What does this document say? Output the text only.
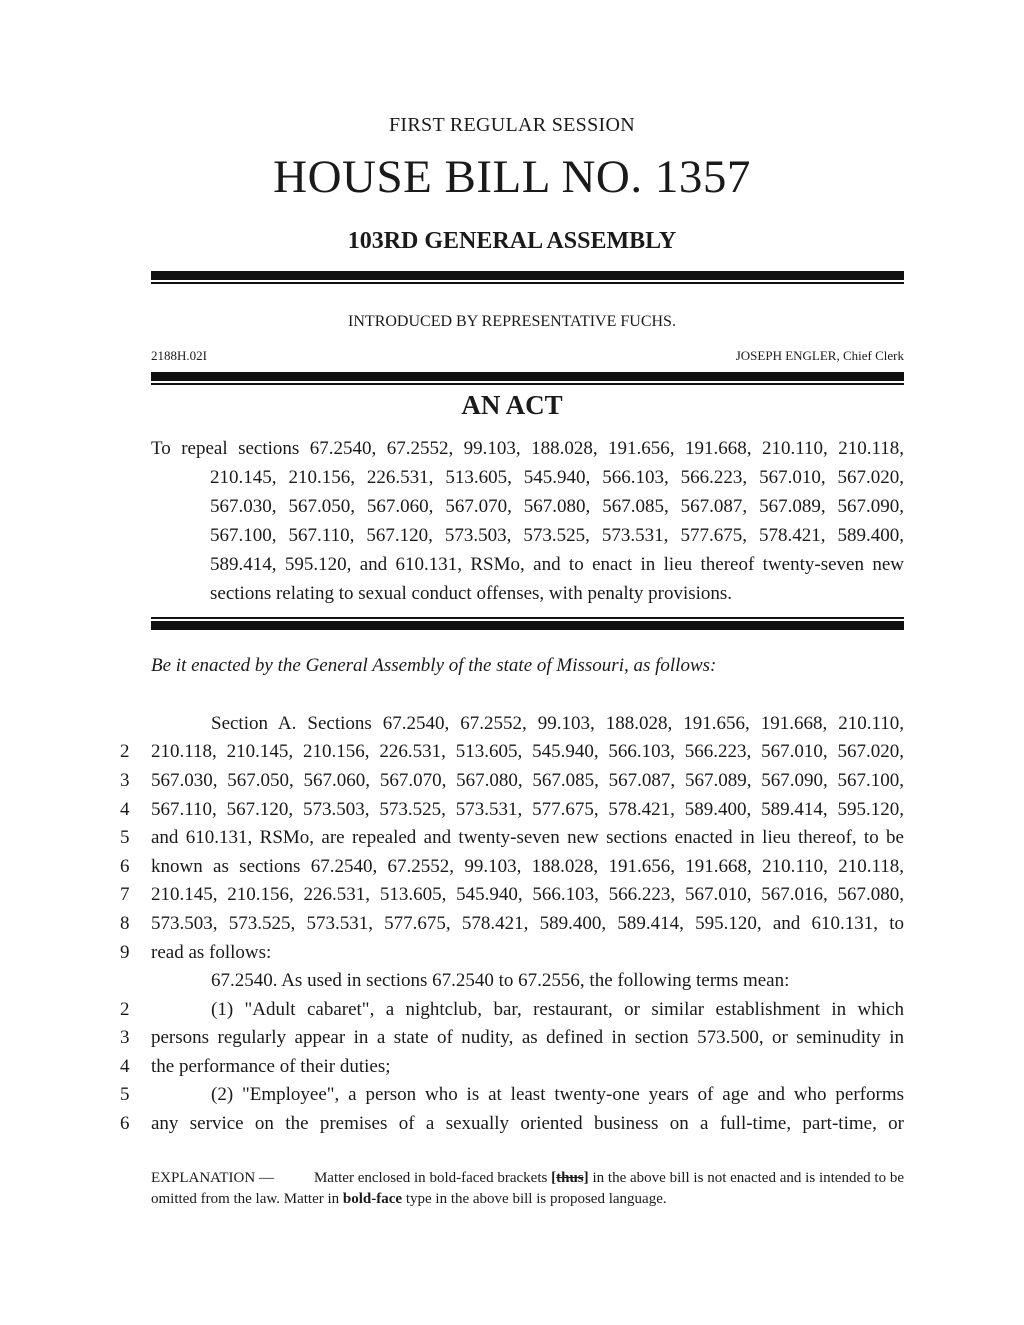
FIRST REGULAR SESSION
HOUSE BILL NO. 1357
103RD GENERAL ASSEMBLY
INTRODUCED BY REPRESENTATIVE FUCHS.
2188H.02I	JOSEPH ENGLER, Chief Clerk
AN ACT

To repeal sections 67.2540, 67.2552, 99.103, 188.028, 191.656, 191.668, 210.110, 210.118, 210.145, 210.156, 226.531, 513.605, 545.940, 566.103, 566.223, 567.010, 567.020, 567.030, 567.050, 567.060, 567.070, 567.080, 567.085, 567.087, 567.089, 567.090, 567.100, 567.110, 567.120, 573.503, 573.525, 573.531, 577.675, 578.421, 589.400, 589.414, 595.120, and 610.131, RSMo, and to enact in lieu thereof twenty-seven new sections relating to sexual conduct offenses, with penalty provisions.

Be it enacted by the General Assembly of the state of Missouri, as follows:
Section A. Sections 67.2540, 67.2552, 99.103, 188.028, 191.656, 191.668, 210.110,
2	210.118, 210.145, 210.156, 226.531, 513.605, 545.940, 566.103, 566.223, 567.010, 567.020,
3	567.030, 567.050, 567.060, 567.070, 567.080, 567.085, 567.087, 567.089, 567.090, 567.100,
4	567.110, 567.120, 573.503, 573.525, 573.531, 577.675, 578.421, 589.400, 589.414, 595.120,
5	and 610.131, RSMo, are repealed and twenty-seven new sections enacted in lieu thereof, to be
6	known as sections 67.2540, 67.2552, 99.103, 188.028, 191.656, 191.668, 210.110, 210.118,
7	210.145, 210.156, 226.531, 513.605, 545.940, 566.103, 566.223, 567.010, 567.016, 567.080,
8	573.503, 573.525, 573.531, 577.675, 578.421, 589.400, 589.414, 595.120, and 610.131, to
9	read as follows:
67.2540. As used in sections 67.2540 to 67.2556, the following terms mean:
2	(1) "Adult cabaret", a nightclub, bar, restaurant, or similar establishment in which
3	persons regularly appear in a state of nudity, as defined in section 573.500, or seminudity in
4	the performance of their duties;
5	(2) "Employee", a person who is at least twenty-one years of age and who performs
6	any service on the premises of a sexually oriented business on a full-time, part-time, or
EXPLANATION —	Matter enclosed in bold-faced brackets [thus] in the above bill is not enacted and is intended to be omitted from the law. Matter in bold-face type in the above bill is proposed language.
